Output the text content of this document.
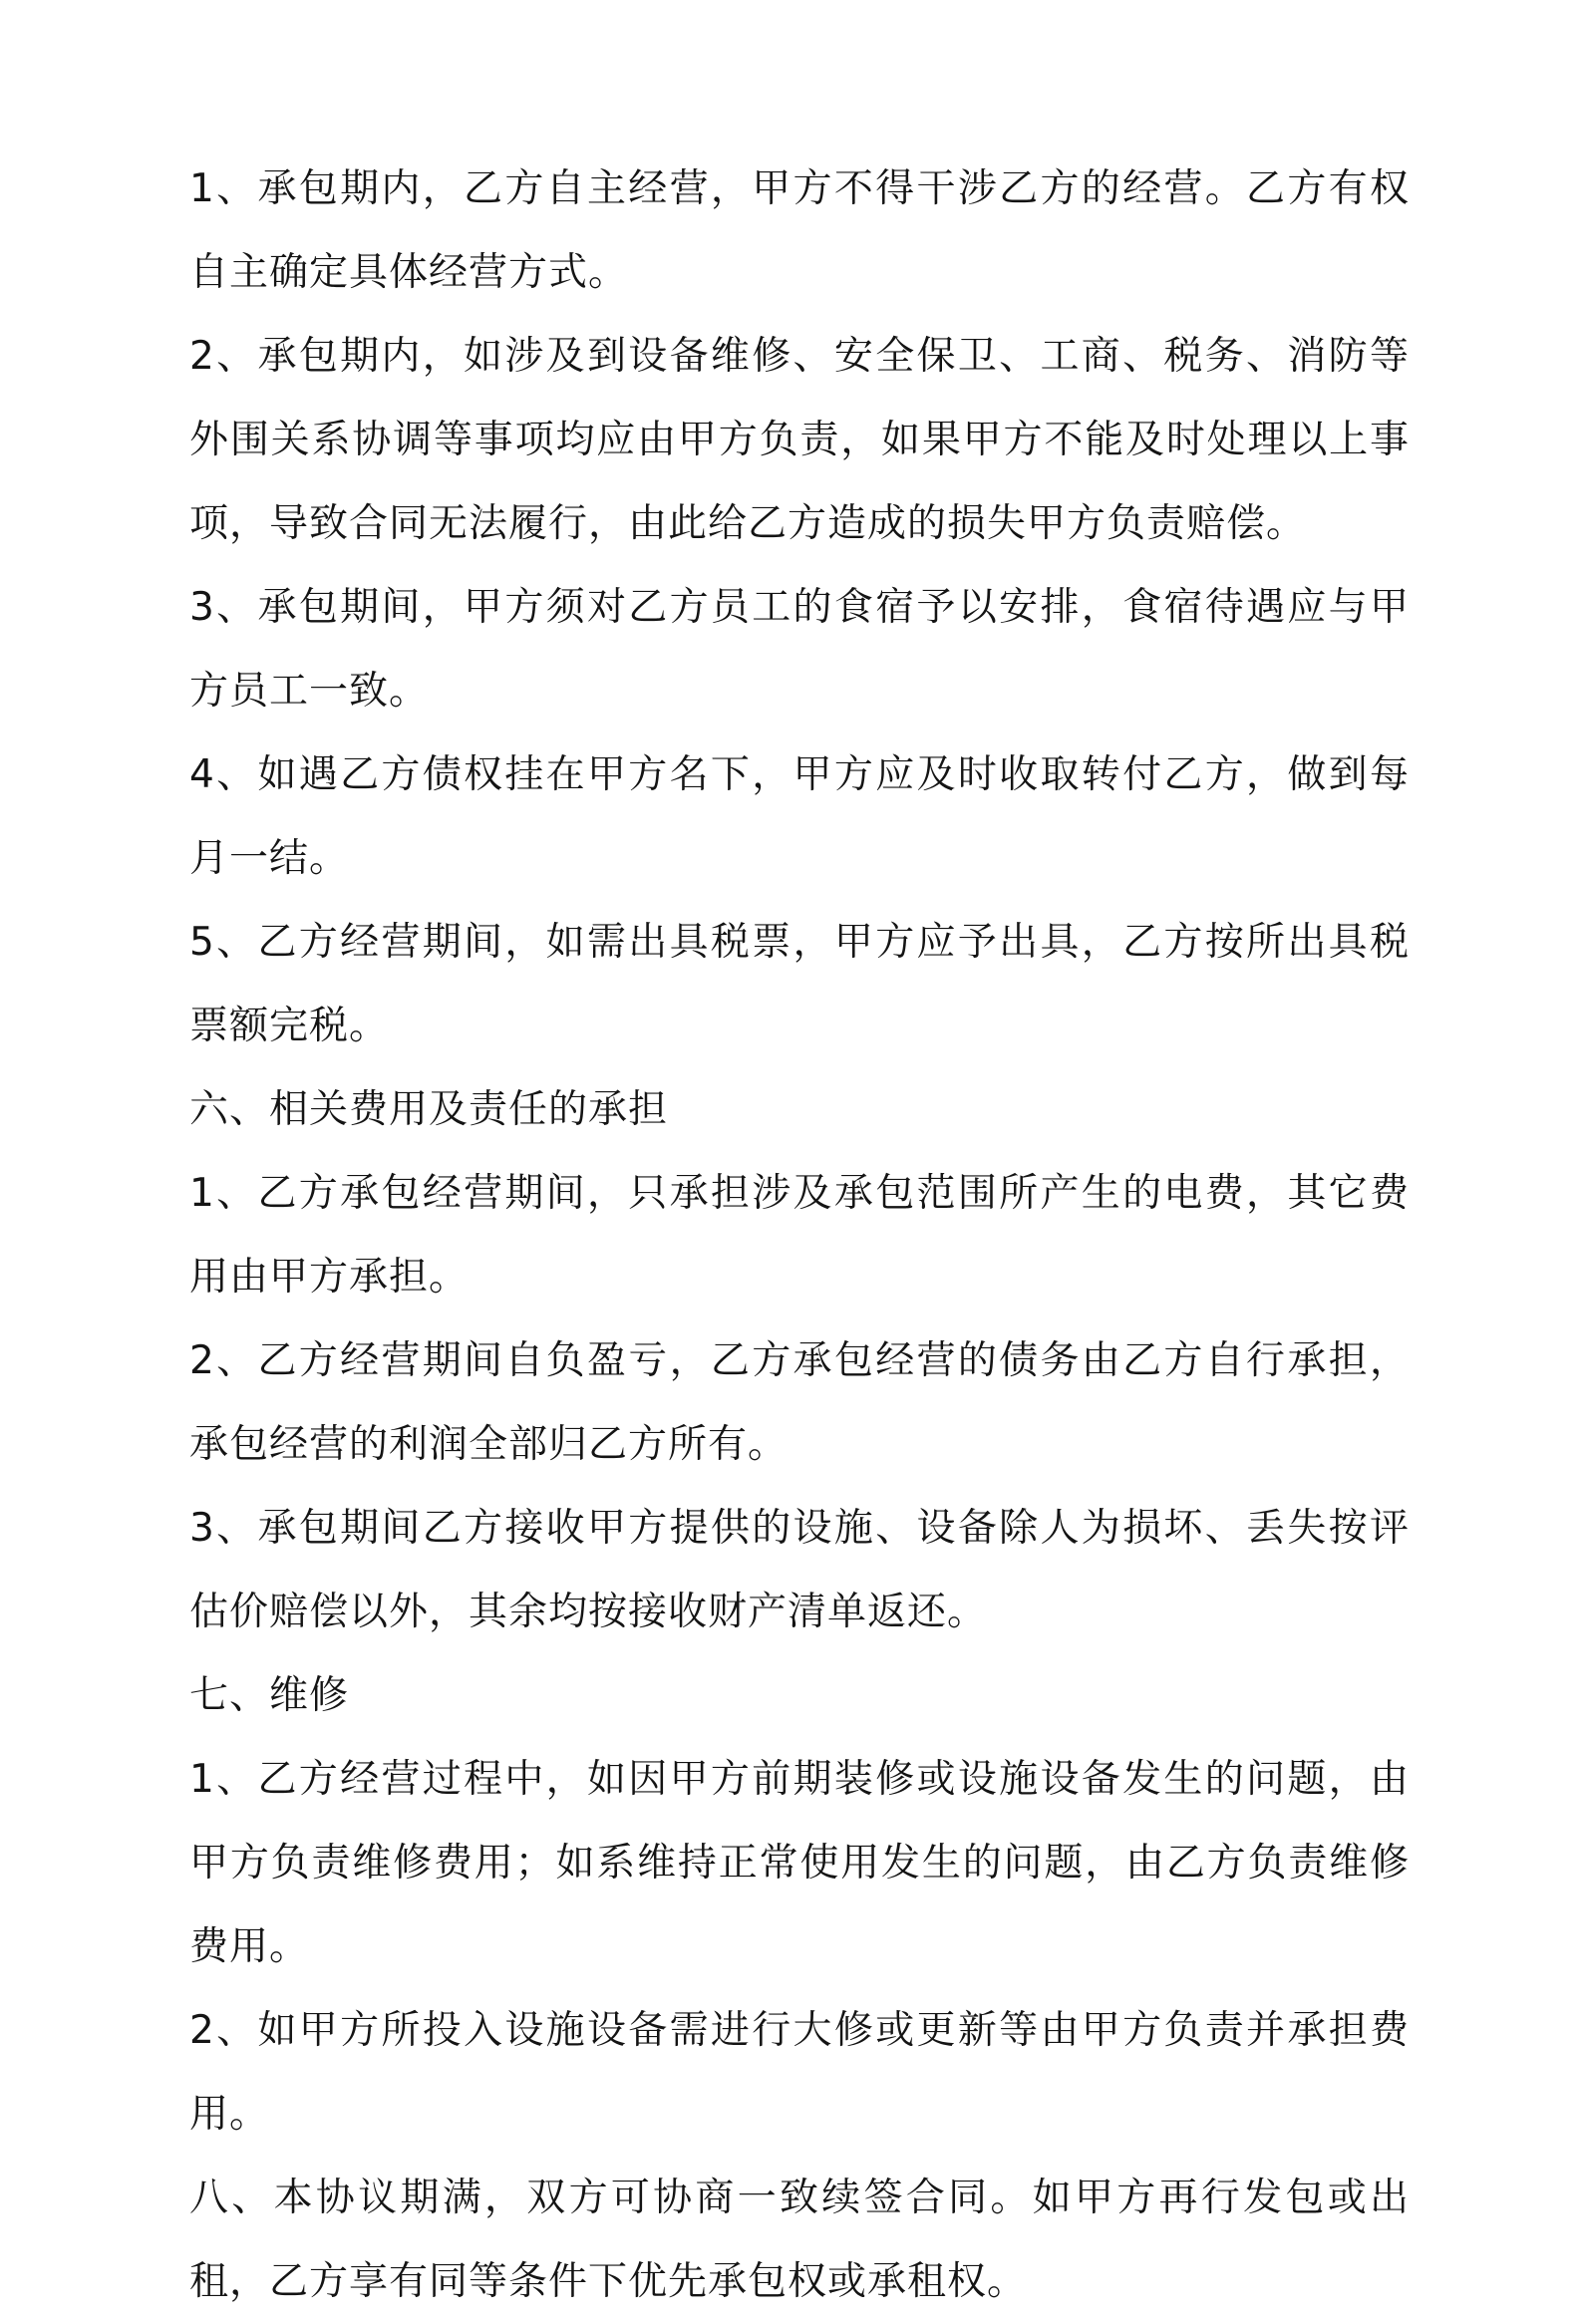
1、承包期内，乙方自主经营，甲方不得干涉乙方的经营。乙方有权自主确定具体经营方式。

2、承包期内，如涉及到设备维修、安全保卫、工商、税务、消防等外围关系协调等事项均应由甲方负责，如果甲方不能及时处理以上事项，导致合同无法履行，由此给乙方造成的损失甲方负责赔偿。

3、承包期间，甲方须对乙方员工的食宿予以安排，食宿待遇应与甲方员工一致。

4、如遇乙方债权挂在甲方名下，甲方应及时收取转付乙方，做到每月一结。

5、乙方经营期间，如需出具税票，甲方应予出具，乙方按所出具税票额完税。

六、相关费用及责任的承担

1、乙方承包经营期间，只承担涉及承包范围所产生的电费，其它费用由甲方承担。

2、乙方经营期间自负盈亏，乙方承包经营的债务由乙方自行承担，承包经营的利润全部归乙方所有。

3、承包期间乙方接收甲方提供的设施、设备除人为损坏、丢失按评估价赔偿以外，其余均按接收财产清单返还。

七、维修

1、乙方经营过程中，如因甲方前期装修或设施设备发生的问题，由甲方负责维修费用；如系维持正常使用发生的问题，由乙方负责维修费用。

2、如甲方所投入设施设备需进行大修或更新等由甲方负责并承担费用。

八、本协议期满，双方可协商一致续签合同。如甲方再行发包或出租，乙方享有同等条件下优先承包权或承租权。
